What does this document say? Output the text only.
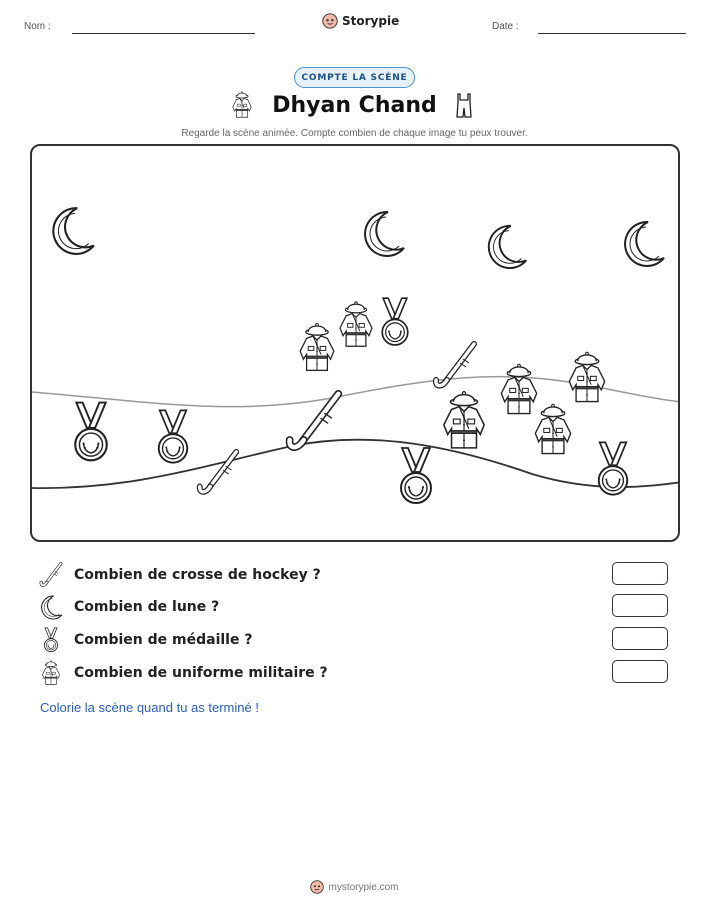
Nom :	Storypie	Date :
COMPTE LA SCÈNE
Dhyan Chand
Regarde la scène animée. Compte combien de chaque image tu peux trouver.
Combien de crosse de hockey ?
Combien de lune ?
Combien de médaille ?
Combien de uniforme militaire ?
Colorie la scène quand tu as terminé !
mystorypie.com
